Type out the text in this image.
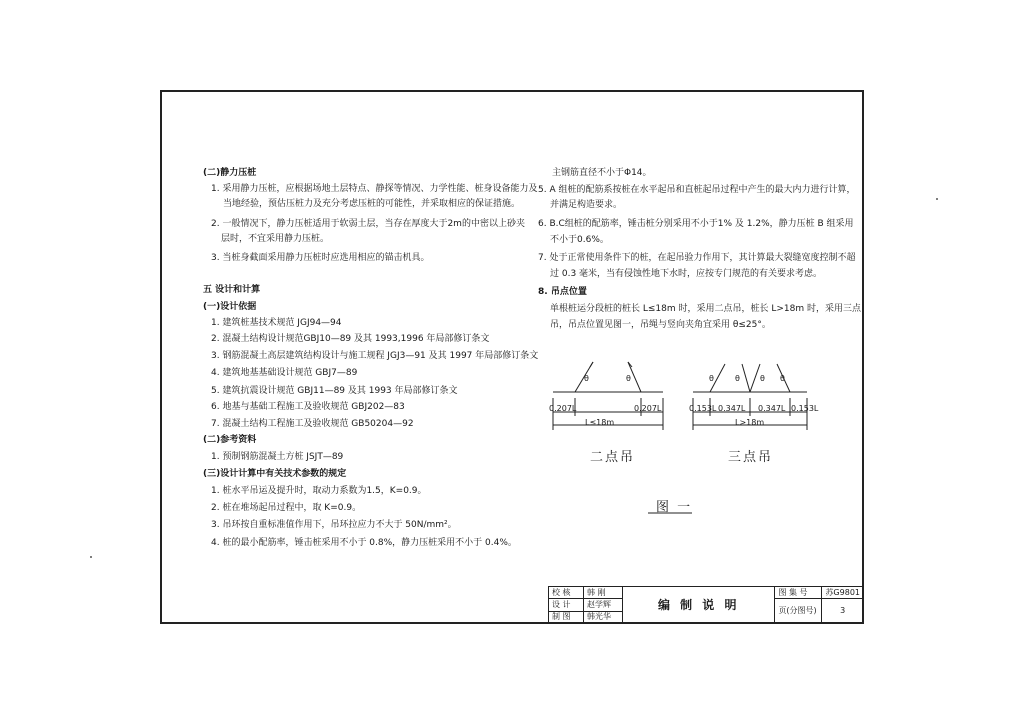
(二)静力压桩
1. 采用静力压桩，应根据场地土层特点、静探等情况、力学性能、桩身设备能力及
当地经验，预估压桩力及充分考虑压桩的可能性，并采取相应的保证措施。
2. 一般情况下，静力压桩适用于软弱土层，当存在厚度大于2m的中密以上砂夹
层时，不宜采用静力压桩。
3. 当桩身截面采用静力压桩时应选用相应的锚击机具。
五 设计和计算
(一)设计依据
1. 建筑桩基技术规范 JGJ94—94
2. 混凝土结构设计规范GBJ10—89 及其 1993,1996 年局部修订条文
3. 钢筋混凝土高层建筑结构设计与施工规程 JGJ3—91 及其 1997 年局部修订条文
4. 建筑地基基础设计规范 GBJ7—89
5. 建筑抗震设计规范 GBJ11—89 及其 1993 年局部修订条文
6. 地基与基础工程施工及验收规范 GBJ202—83
7. 混凝土结构工程施工及验收规范 GB50204—92
(二)参考资料
1. 预制钢筋混凝土方桩 JSJT—89
(三)设计计算中有关技术参数的规定
1. 桩水平吊运及提升时，取动力系数为1.5，K=0.9。
2. 桩在堆场起吊过程中，取 K=0.9。
3. 吊环按自重标准值作用下，吊环拉应力不大于 50N/mm²。
4. 桩的最小配筋率，锤击桩采用不小于 0.8%，静力压桩采用不小于 0.4%。
主钢筋直径不小于Φ14。
5. A 组桩的配筋系按桩在水平起吊和直桩起吊过程中产生的最大内力进行计算，
并满足构造要求。
6. B.C组桩的配筋率，锤击桩分别采用不小于1% 及 1.2%，静力压桩 B 组采用
不小于0.6%。
7. 处于正常使用条件下的桩，在起吊验力作用下，其计算最大裂缝宽度控制不超
过 0.3 毫米，当有侵蚀性地下水时，应按专门规范的有关要求考虑。
8. 吊点位置
单根桩运分段桩的桩长 L≤18m 时，采用二点吊，桩长 L>18m 时，采用三点
吊，吊点位置见图一，吊绳与竖向夹角宜采用 θ≤25°。
θ	θ
0.207L	0.207L
L≤18m
二点吊
θ	θ	θ θ
0.153L 0.347L 0.347L 0.153L
L>18m
三点吊
图 一
校 核	韩 刚	编 制 说 明	图 集 号	苏G9801
设 计	赵学辉		页(分图号)	3
制 图	韩光华			
